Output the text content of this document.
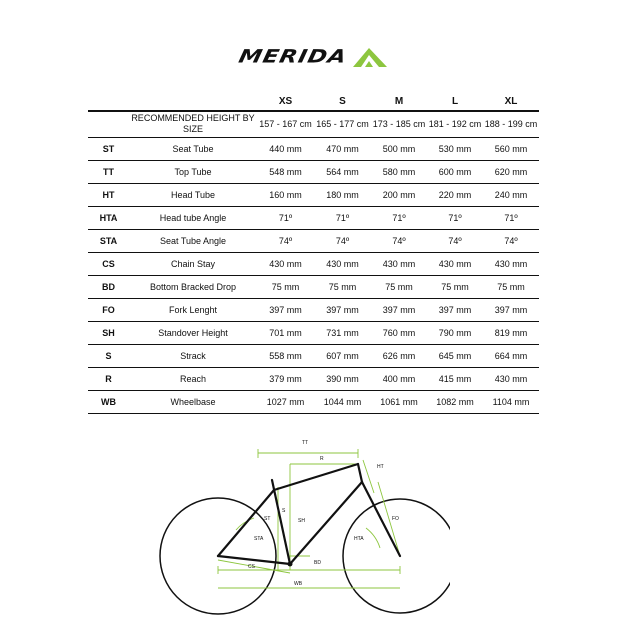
MERIDA
		XS	S	M	L	XL
	RECOMMENDED HEIGHT BY SIZE	157 - 167 cm	165 - 177 cm	173 - 185 cm	181 - 192 cm	188 - 199 cm
ST	Seat Tube	440 mm	470 mm	500 mm	530 mm	560 mm
TT	Top Tube	548 mm	564 mm	580 mm	600 mm	620 mm
HT	Head Tube	160 mm	180 mm	200 mm	220 mm	240 mm
HTA	Head tube Angle	71º	71º	71º	71º	71º
STA	Seat Tube Angle	74º	74º	74º	74º	74º
CS	Chain Stay	430 mm	430 mm	430 mm	430 mm	430 mm
BD	Bottom Bracked Drop	75 mm	75 mm	75 mm	75 mm	75 mm
FO	Fork Lenght	397 mm	397 mm	397 mm	397 mm	397 mm
SH	Standover Height	701 mm	731 mm	760 mm	790 mm	819 mm
S	Strack	558 mm	607 mm	626 mm	645 mm	664 mm
R	Reach	379 mm	390 mm	400 mm	415 mm	430 mm
WB	Wheelbase	1027 mm	1044 mm	1061 mm	1082 mm	1104 mm
TT
R
HT
ST
S
SH
STA	HTA
FO
CS
BD
WB
